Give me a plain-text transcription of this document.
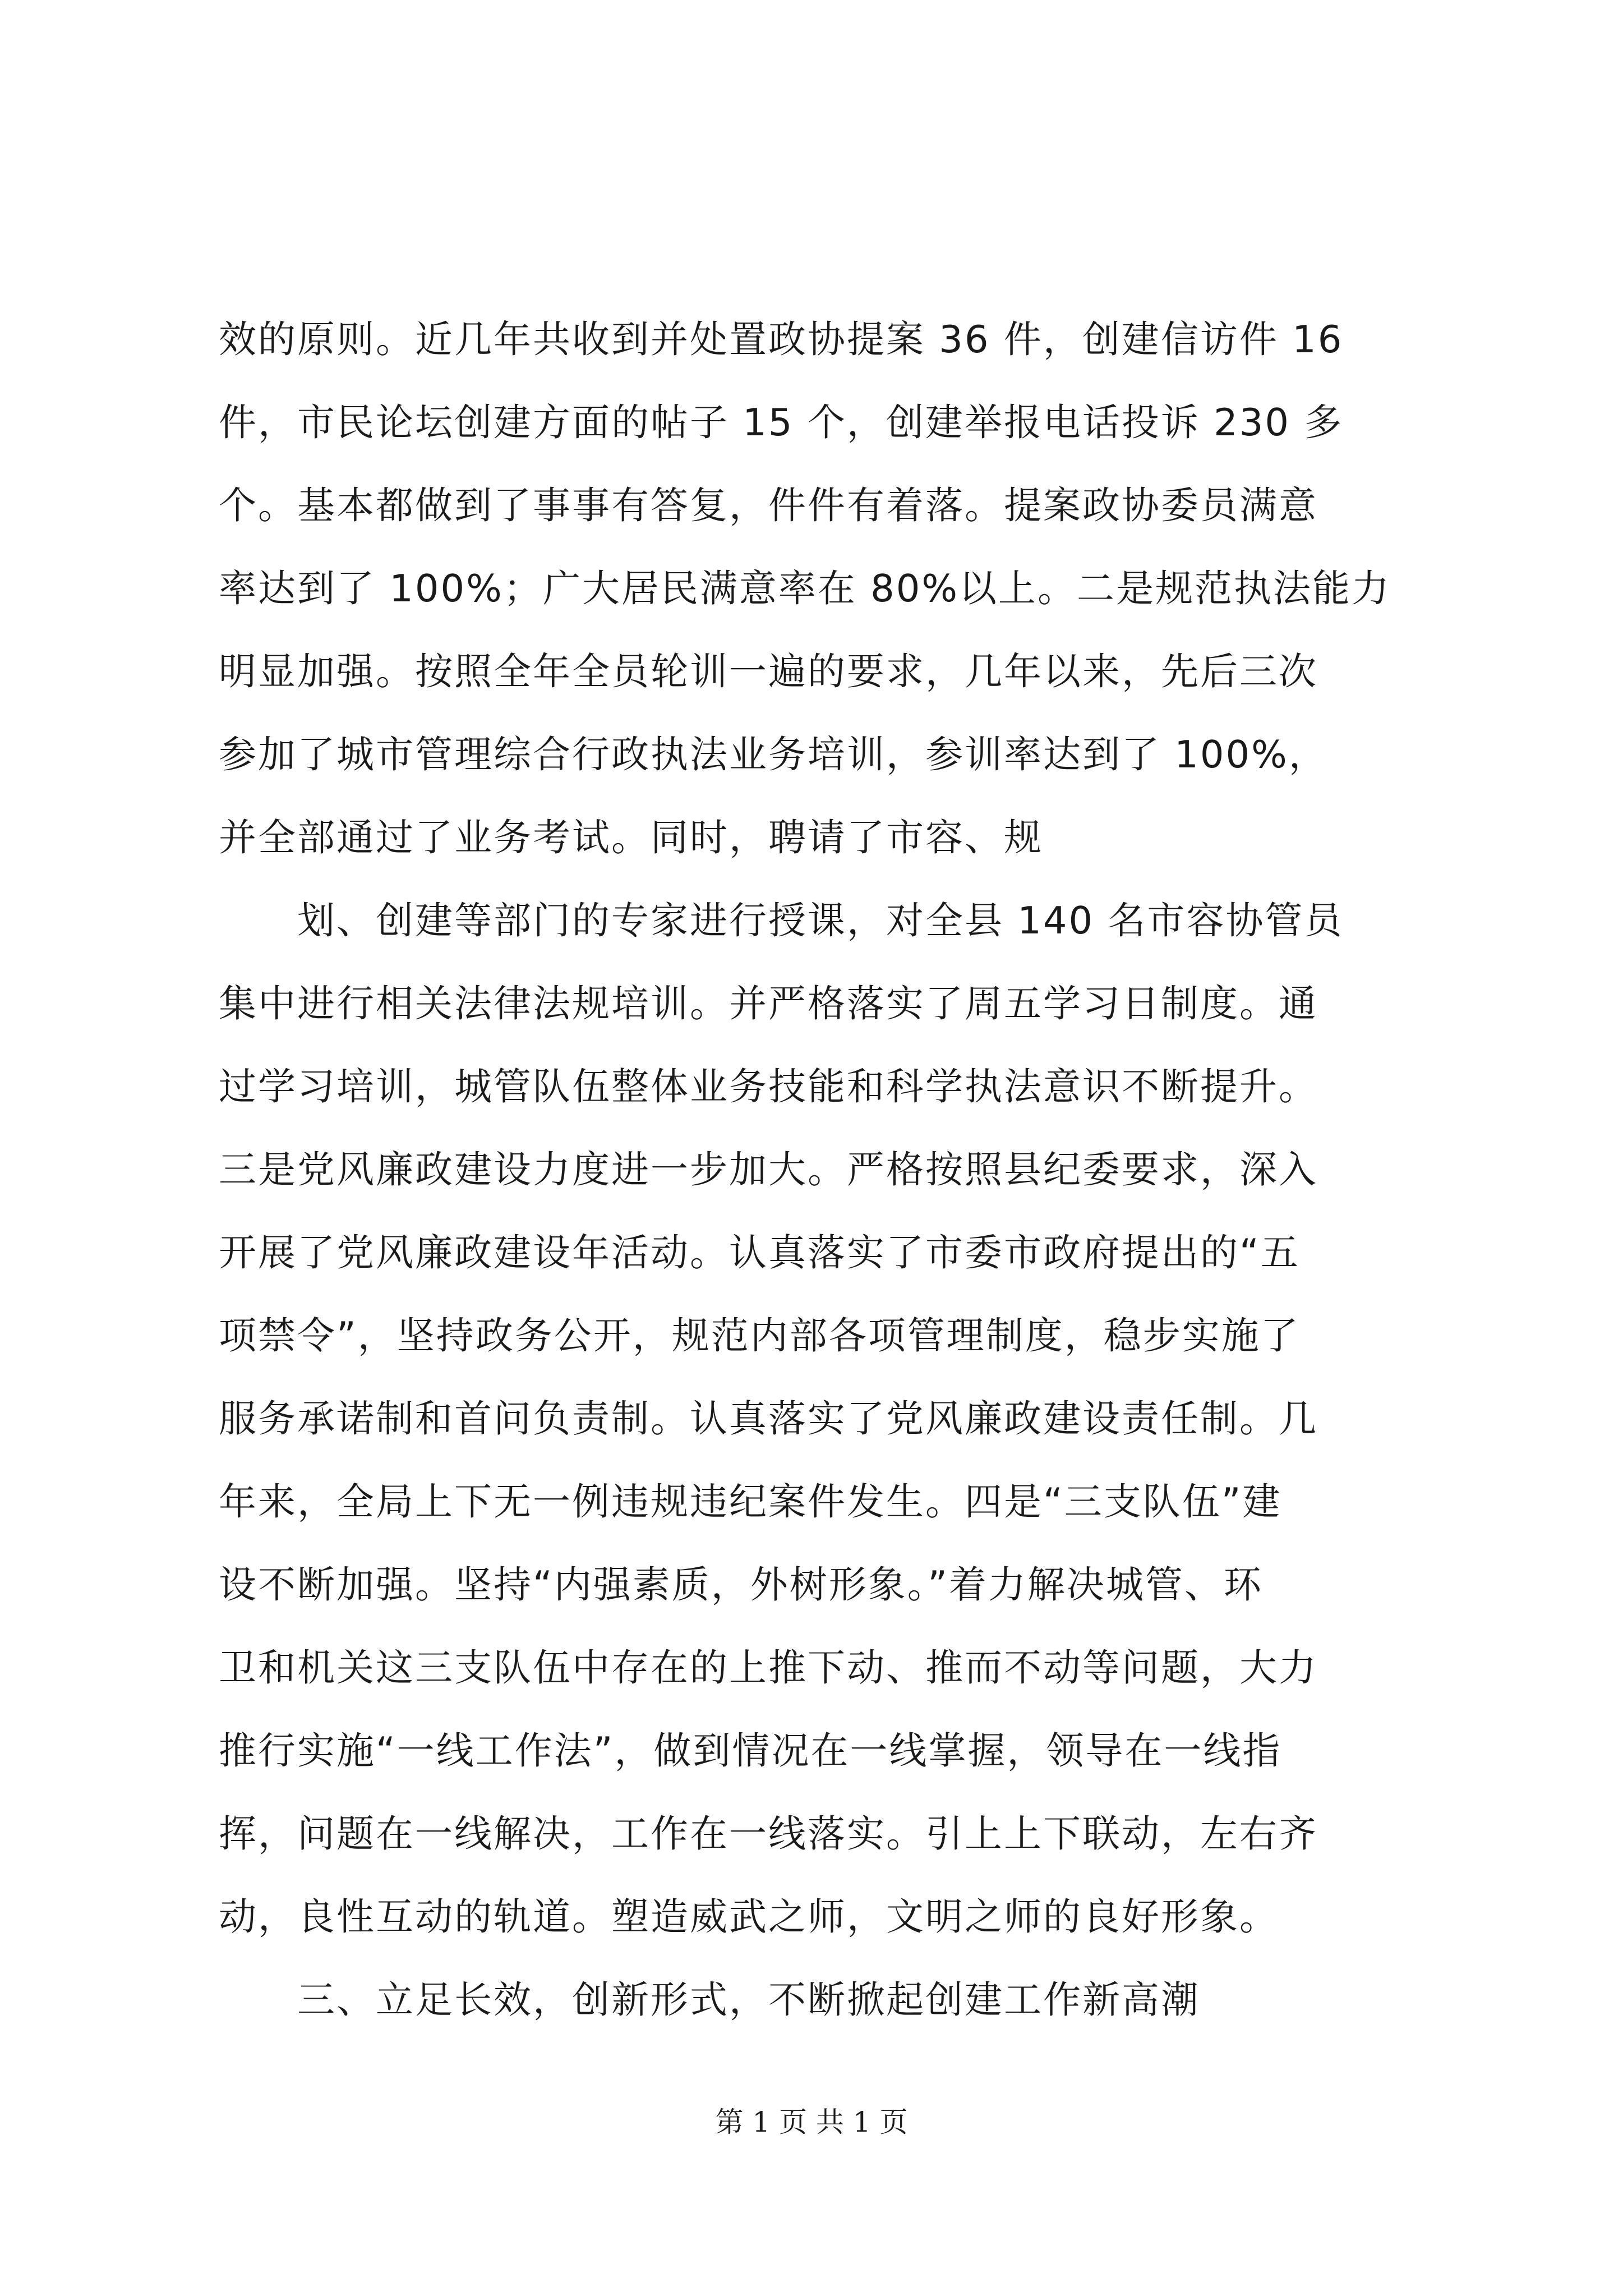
效的原则。近几年共收到并处置政协提案 36 件，创建信访件 16
件，市民论坛创建方面的帖子 15 个，创建举报电话投诉 230 多
个。基本都做到了事事有答复，件件有着落。提案政协委员满意
率达到了 100%；广大居民满意率在 80%以上。二是规范执法能力
明显加强。按照全年全员轮训一遍的要求，几年以来，先后三次
参加了城市管理综合行政执法业务培训，参训率达到了 100%，
并全部通过了业务考试。同时，聘请了市容、规
划、创建等部门的专家进行授课，对全县 140 名市容协管员
集中进行相关法律法规培训。并严格落实了周五学习日制度。通
过学习培训，城管队伍整体业务技能和科学执法意识不断提升。
三是党风廉政建设力度进一步加大。严格按照县纪委要求，深入
开展了党风廉政建设年活动。认真落实了市委市政府提出的“五
项禁令”，坚持政务公开，规范内部各项管理制度，稳步实施了
服务承诺制和首问负责制。认真落实了党风廉政建设责任制。几
年来，全局上下无一例违规违纪案件发生。四是“三支队伍”建
设不断加强。坚持“内强素质，外树形象。”着力解决城管、环
卫和机关这三支队伍中存在的上推下动、推而不动等问题，大力
推行实施“一线工作法”，做到情况在一线掌握，领导在一线指
挥，问题在一线解决，工作在一线落实。引上上下联动，左右齐
动，良性互动的轨道。塑造威武之师，文明之师的良好形象。
三、立足长效，创新形式，不断掀起创建工作新高潮
第 1 页 共 1 页
